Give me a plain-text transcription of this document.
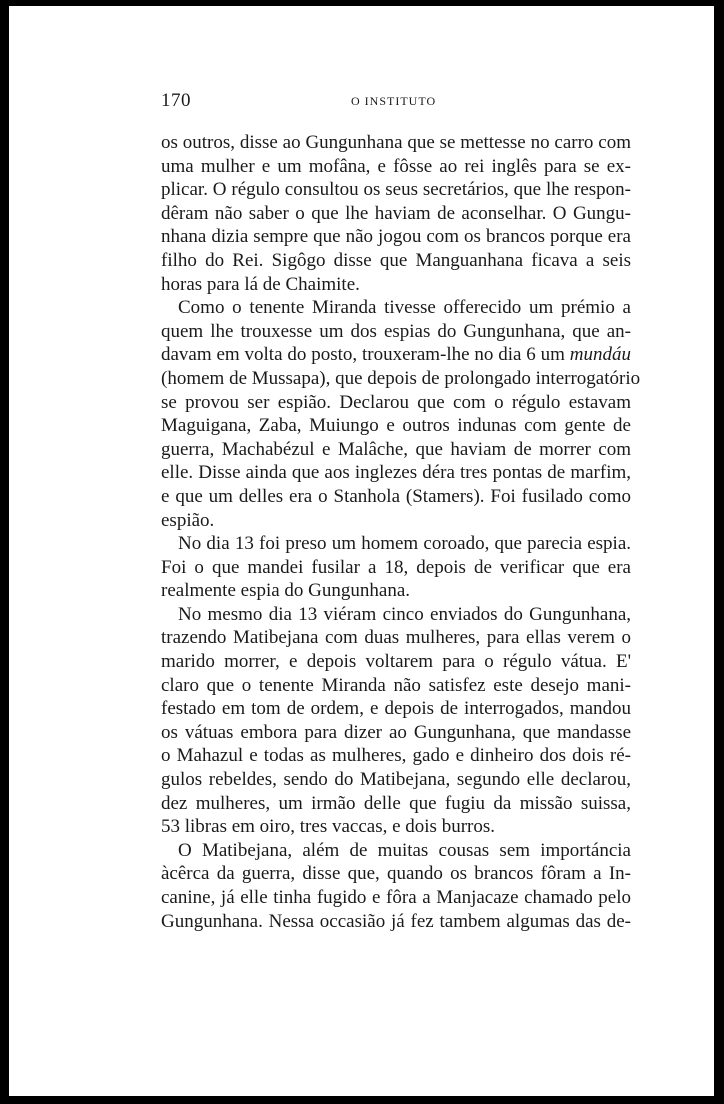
170	O INSTITUTO
os outros, disse ao Gungunhana que se mettesse no carro com
uma mulher e um mofâna, e fôsse ao rei inglês para se ex-
plicar. O régulo consultou os seus secretários, que lhe respon-
dêram não saber o que lhe haviam de aconselhar. O Gungu-
nhana dizia sempre que não jogou com os brancos porque era
filho do Rei. Sigôgo disse que Manguanhana ficava a seis
horas para lá de Chaimite.
Como o tenente Miranda tivesse offerecido um prémio a
quem lhe trouxesse um dos espias do Gungunhana, que an-
davam em volta do posto, trouxeram-lhe no dia 6 um mundáu
(homem de Mussapa), que depois de prolongado interrogatório
se provou ser espião. Declarou que com o régulo estavam
Maguigana, Zaba, Muiungo e outros indunas com gente de
guerra, Machabézul e Malâche, que haviam de morrer com
elle. Disse ainda que aos inglezes déra tres pontas de marfim,
e que um delles era o Stanhola (Stamers). Foi fusilado como
espião.
No dia 13 foi preso um homem coroado, que parecia espia.
Foi o que mandei fusilar a 18, depois de verificar que era
realmente espia do Gungunhana.
No mesmo dia 13 viéram cinco enviados do Gungunhana,
trazendo Matibejana com duas mulheres, para ellas verem o
marido morrer, e depois voltarem para o régulo vátua. E'
claro que o tenente Miranda não satisfez este desejo mani-
festado em tom de ordem, e depois de interrogados, mandou
os vátuas embora para dizer ao Gungunhana, que mandasse
o Mahazul e todas as mulheres, gado e dinheiro dos dois ré-
gulos rebeldes, sendo do Matibejana, segundo elle declarou,
dez mulheres, um irmão delle que fugiu da missão suissa,
53 libras em oiro, tres vaccas, e dois burros.
O Matibejana, além de muitas cousas sem importáncia
àcêrca da guerra, disse que, quando os brancos fôram a In-
canine, já elle tinha fugido e fôra a Manjacaze chamado pelo
Gungunhana. Nessa occasião já fez tambem algumas das de-
